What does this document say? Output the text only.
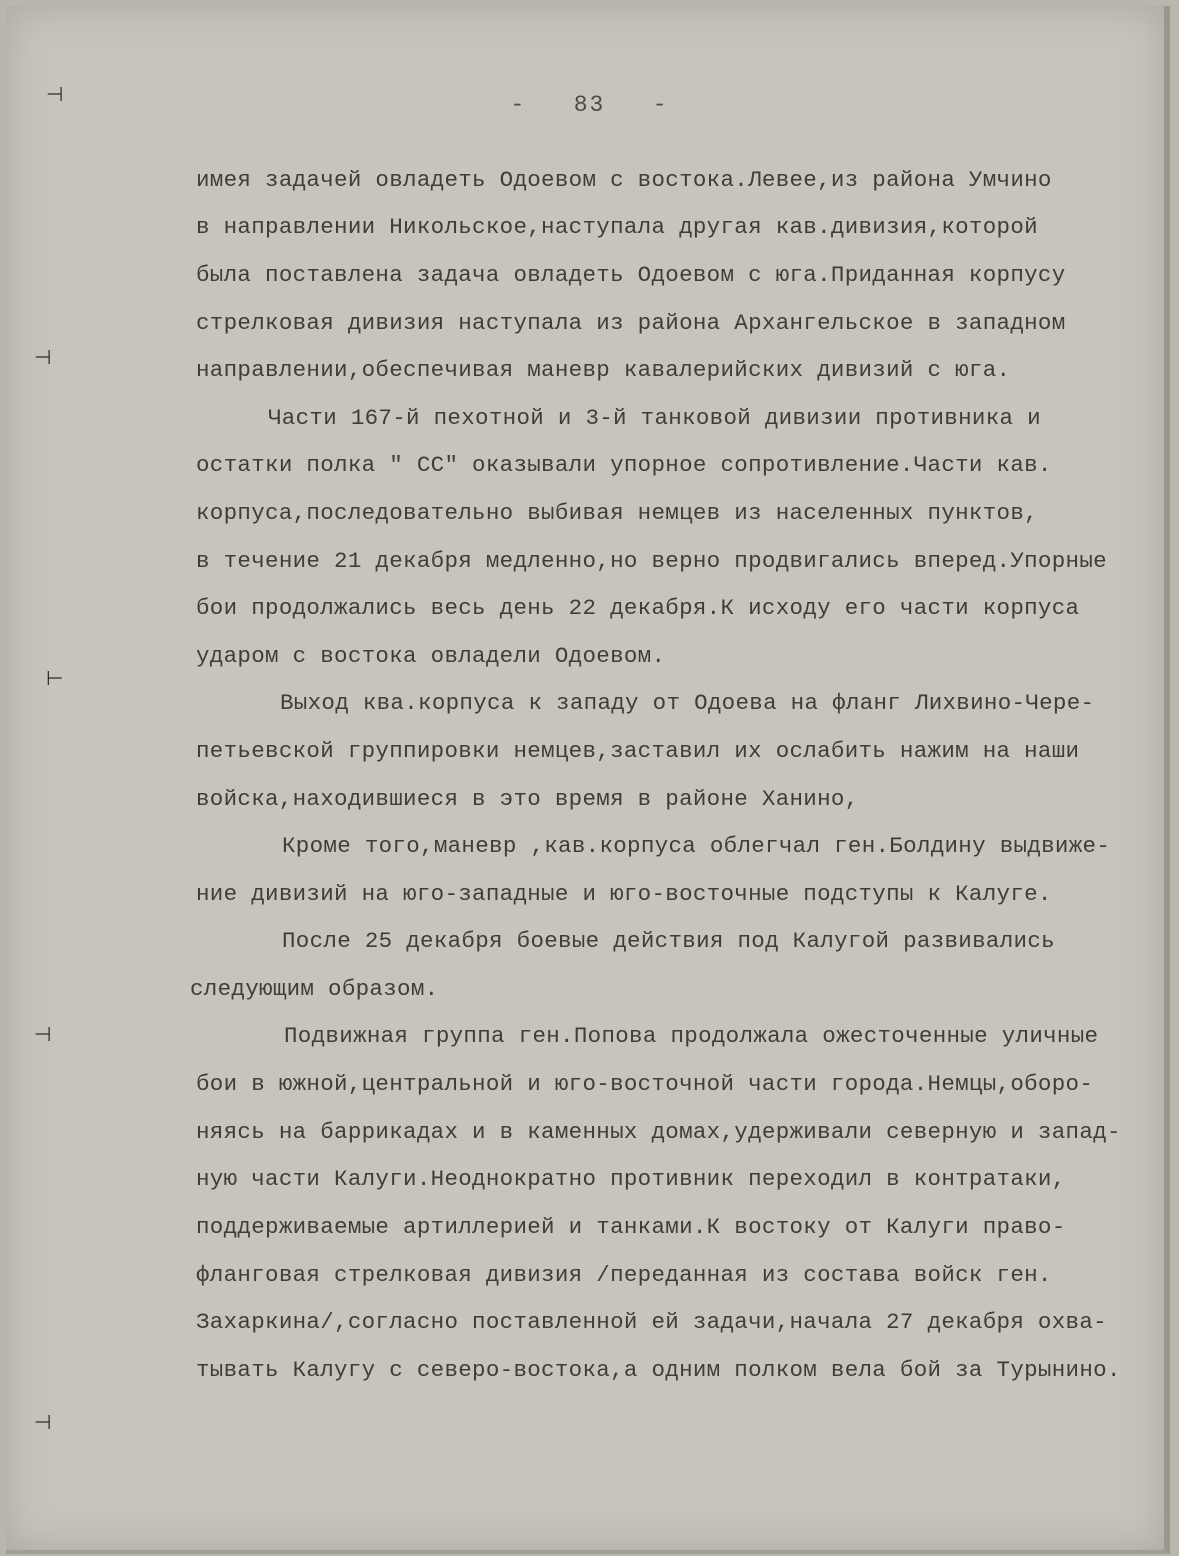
⊣
⊣
⊢
⊣
⊣
-   83   -
имея задачей овладеть Одоевом с востока.Левее,из района Умчино
в направлении Никольское,наступала другая кав.дивизия,которой
была поставлена задача овладеть Одоевом с юга.Приданная корпусу
стрелковая дивизия наступала из района Архангельское в западном
направлении,обеспечивая маневр кавалерийских дивизий с юга.
Части 167-й пехотной и 3-й танковой дивизии противника и
остатки полка " СС" оказывали упорное сопротивление.Части кав.
корпуса,последовательно выбивая немцев из населенных пунктов,
в течение 21 декабря медленно,но верно продвигались вперед.Упорные
бои продолжались весь день 22 декабря.К исходу его части корпуса
ударом с востока овладели Одоевом.
Выход ква.корпуса к западу от Одоева на фланг Лихвино-Чере-
петьевской группировки немцев,заставил их ослабить нажим на наши
войска,находившиеся в это время в районе Ханино,
Кроме того,маневр ,кав.корпуса облегчал ген.Болдину выдвиже-
ние дивизий на юго-западные и юго-восточные подступы к Калуге.
После 25 декабря боевые действия под Калугой развивались
следующим образом.
Подвижная группа ген.Попова продолжала ожесточенные уличные
бои в южной,центральной и юго-восточной части города.Немцы,оборо-
няясь на баррикадах и в каменных домах,удерживали северную и запад-
ную части Калуги.Неоднократно противник переходил в контратаки,
поддерживаемые артиллерией и танками.К востоку от Калуги право-
фланговая стрелковая дивизия /переданная из состава войск ген.
Захаркина/,согласно поставленной ей задачи,начала 27 декабря охва-
тывать Калугу с северо-востока,а одним полком вела бой за Турынино.
